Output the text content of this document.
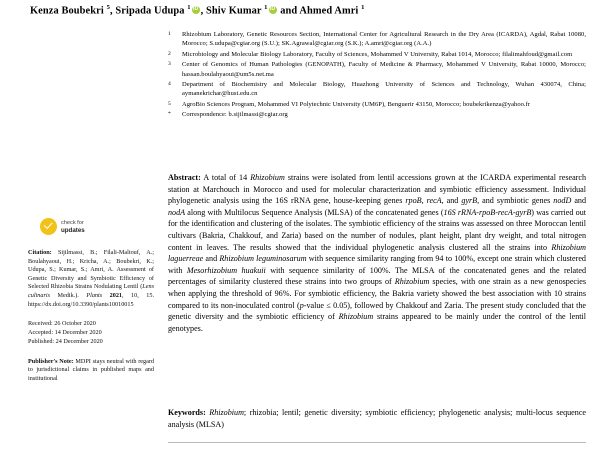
Kenza Boubekri $^5$, Sripada Udupa $^1$ iD , Shiv Kumar $^1$iD and Ahmed Amri $^1$
1	Rhizobium Laboratory, Genetic Resources Section, International Center for Agricultural Research in the Dry Area (ICARDA), Agdal, Rabat 10080, Morocco; S.udupa@cgiar.org (S.U.); SK.Agrawal@cgiar.org (S.K.); A.amri@cgiar.org (A.A.)
2	Microbiology and Molecular Biology Laboratory, Faculty of Sciences, Mohammed V University, Rabat 1014, Morocco; filalimahfoud@gmail.com
3	Center of Genomics of Human Pathologies (GENOPATH), Faculty of Medicine & Pharmacy, Mohammed V University, Rabat 10000, Morocco; hassan.boulahyaoui@um5s.net.ma
4	Department of Biochemistry and Molecular Biology, Huazhong University of Sciences and Technology, Wuhan 430074, China; aymanekrichar@hust.edu.cn
5	AgroBio Sciences Program, Mohammed VI Polytechnic University (UM6P), Benguerir 43150, Morocco; boubekrikenza@yahoo.fr
*	Correspondence: b.sijilmassi@cgiar.org
check for
updates
Citation: Sijilmassi, B.; Filali-Maltouf, A.; Boulahyaoui, H.; Kricha, A.; Boubekri, K.; Udupa, S.; Kumar, S.; Amri, A. Assessment of Genetic Diversity and Symbiotic Efficiency of Selected Rhizobia Strains Nodulating Lentil (Lens culinaris Medik.). Plants 2021, 10, 15. https://dx.doi.org/10.3390/plants10010015
Received: 26 October 2020
Accepted: 14 December 2020
Published: 24 December 2020
Publisher's Note: MDPI stays neutral with regard to jurisdictional claims in published maps and institutional
Abstract: A total of 14 Rhizobium strains were isolated from lentil accessions grown at the ICARDA experimental research station at Marchouch in Morocco and used for molecular characterization and symbiotic efficiency assessment. Individual phylogenetic analysis using the 16S rRNA gene, house-keeping genes rpoB, recA, and gyrB, and symbiotic genes nodD and nodA along with Multilocus Sequence Analysis (MLSA) of the concatenated genes (16S rRNA-rpoB-recA-gyrB) was carried out for the identification and clustering of the isolates. The symbiotic efficiency of the strains was assessed on three Moroccan lentil cultivars (Bakria, Chakkouf, and Zaria) based on the number of nodules, plant height, plant dry weight, and total nitrogen content in leaves. The results showed that the individual phylogenetic analysis clustered all the strains into Rhizobium laguerreae and Rhizobium leguminosarum with sequence similarity ranging from 94 to 100%, except one strain which clustered with Mesorhizobium huakuii with sequence similarity of 100%. The MLSA of the concatenated genes and the related percentages of similarity clustered these strains into two groups of Rhizobium species, with one strain as a new genospecies when applying the threshold of 96%. For symbiotic efficiency, the Bakria variety showed the best association with 10 strains compared to its non-inoculated control (p-value ≤ 0.05), followed by Chakkouf and Zaria. The present study concluded that the genetic diversity and the symbiotic efficiency of Rhizobium strains appeared to be mainly under the control of the lentil genotypes.
Keywords: Rhizobium; rhizobia; lentil; genetic diversity; symbiotic efficiency; phylogenetic analysis; multi-locus sequence analysis (MLSA)
